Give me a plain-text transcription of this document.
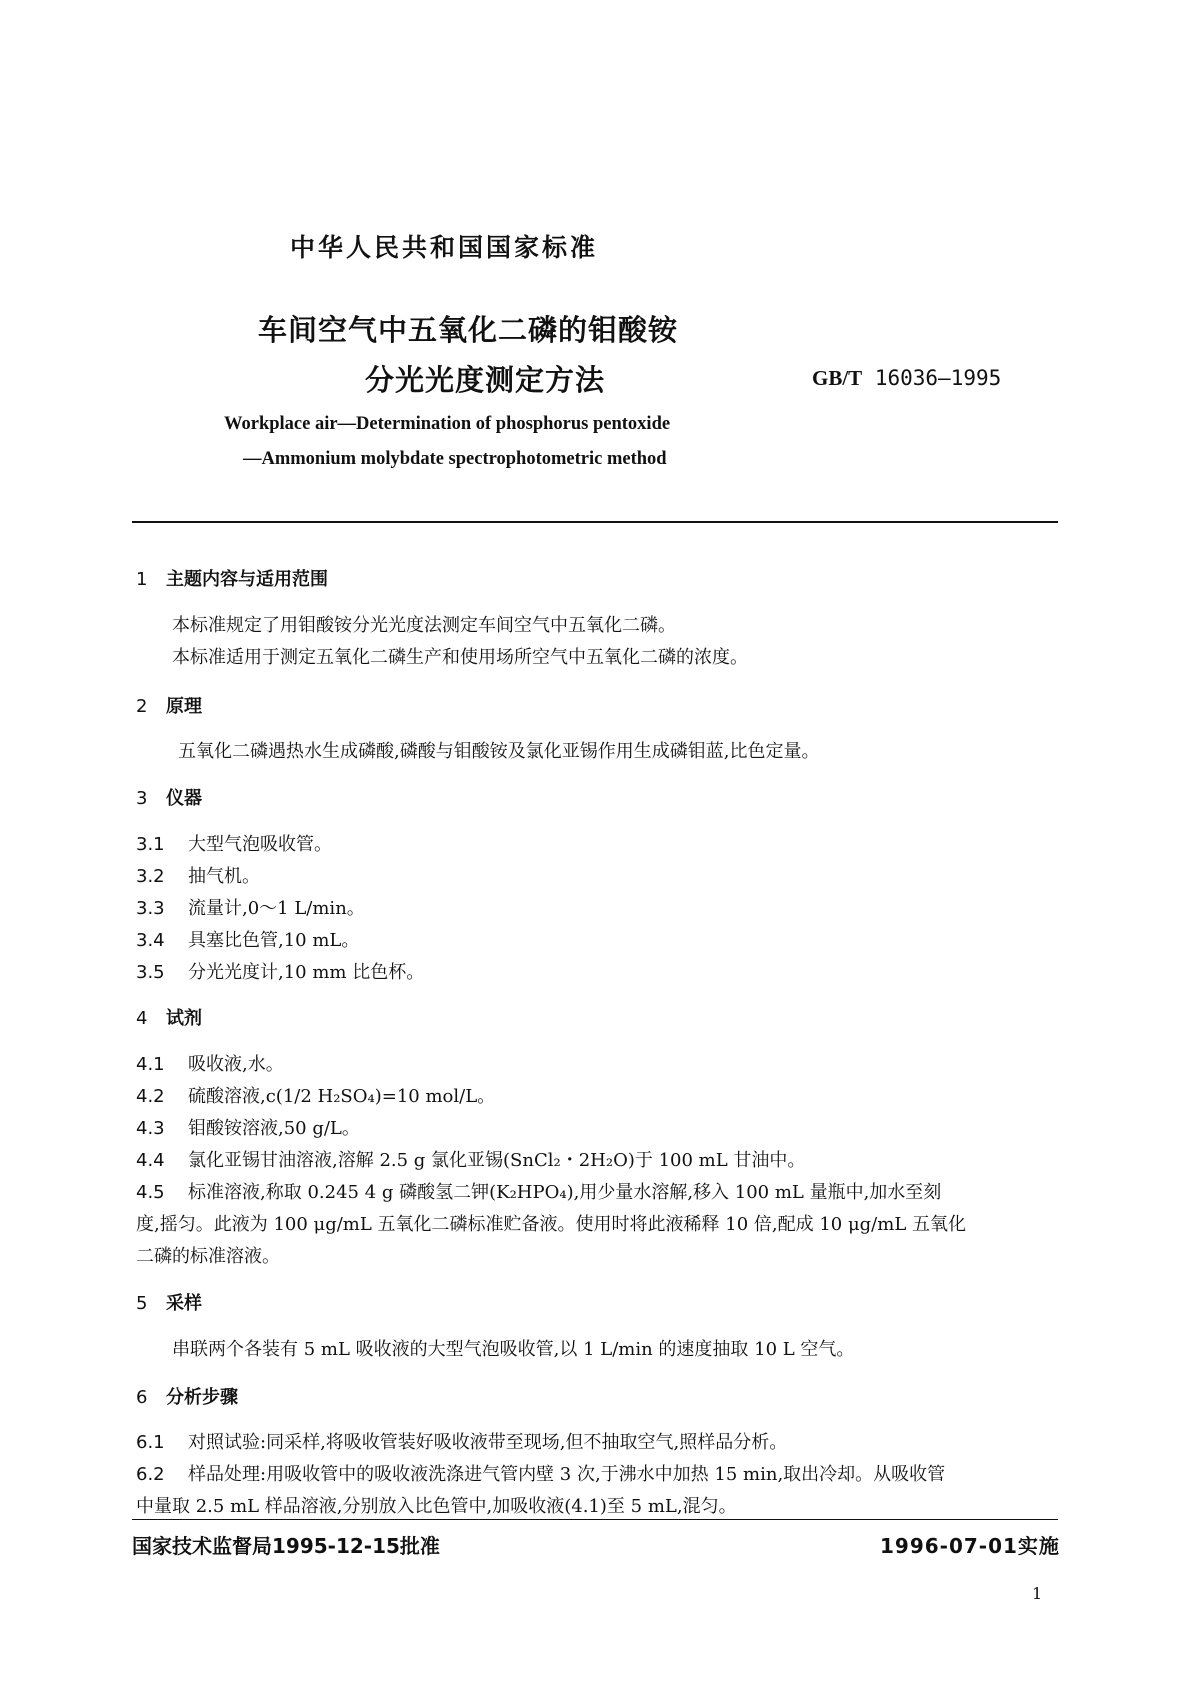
中华人民共和国国家标准
车间空气中五氧化二磷的钼酸铵
分光光度测定方法	GB/T 16036—1995
Workplace air—Determination of phosphorus pentoxide
—Ammonium molybdate spectrophotometric method
1 主题内容与适用范围
本标准规定了用钼酸铵分光光度法测定车间空气中五氧化二磷。
本标准适用于测定五氧化二磷生产和使用场所空气中五氧化二磷的浓度。
2 原理
五氧化二磷遇热水生成磷酸,磷酸与钼酸铵及氯化亚锡作用生成磷钼蓝,比色定量。
3 仪器
3.1 大型气泡吸收管。
3.2 抽气机。
3.3 流量计,0～1 L/min。
3.4 具塞比色管,10 mL。
3.5 分光光度计,10 mm 比色杯。
4 试剂
4.1 吸收液,水。
4.2 硫酸溶液,c(1/2 H₂SO₄)=10 mol/L。
4.3 钼酸铵溶液,50 g/L。
4.4 氯化亚锡甘油溶液,溶解 2.5 g 氯化亚锡(SnCl₂・2H₂O)于 100 mL 甘油中。
4.5 标准溶液,称取 0.245 4 g 磷酸氢二钾(K₂HPO₄),用少量水溶解,移入 100 mL 量瓶中,加水至刻
度,摇匀。此液为 100 μg/mL 五氧化二磷标准贮备液。使用时将此液稀释 10 倍,配成 10 μg/mL 五氧化
二磷的标准溶液。
5 采样
串联两个各装有 5 mL 吸收液的大型气泡吸收管,以 1 L/min 的速度抽取 10 L 空气。
6 分析步骤
6.1 对照试验:同采样,将吸收管装好吸收液带至现场,但不抽取空气,照样品分析。
6.2 样品处理:用吸收管中的吸收液洗涤进气管内壁 3 次,于沸水中加热 15 min,取出冷却。从吸收管
中量取 2.5 mL 样品溶液,分别放入比色管中,加吸收液(4.1)至 5 mL,混匀。
国家技术监督局1995-12-15批准	1996-07-01实施
1
